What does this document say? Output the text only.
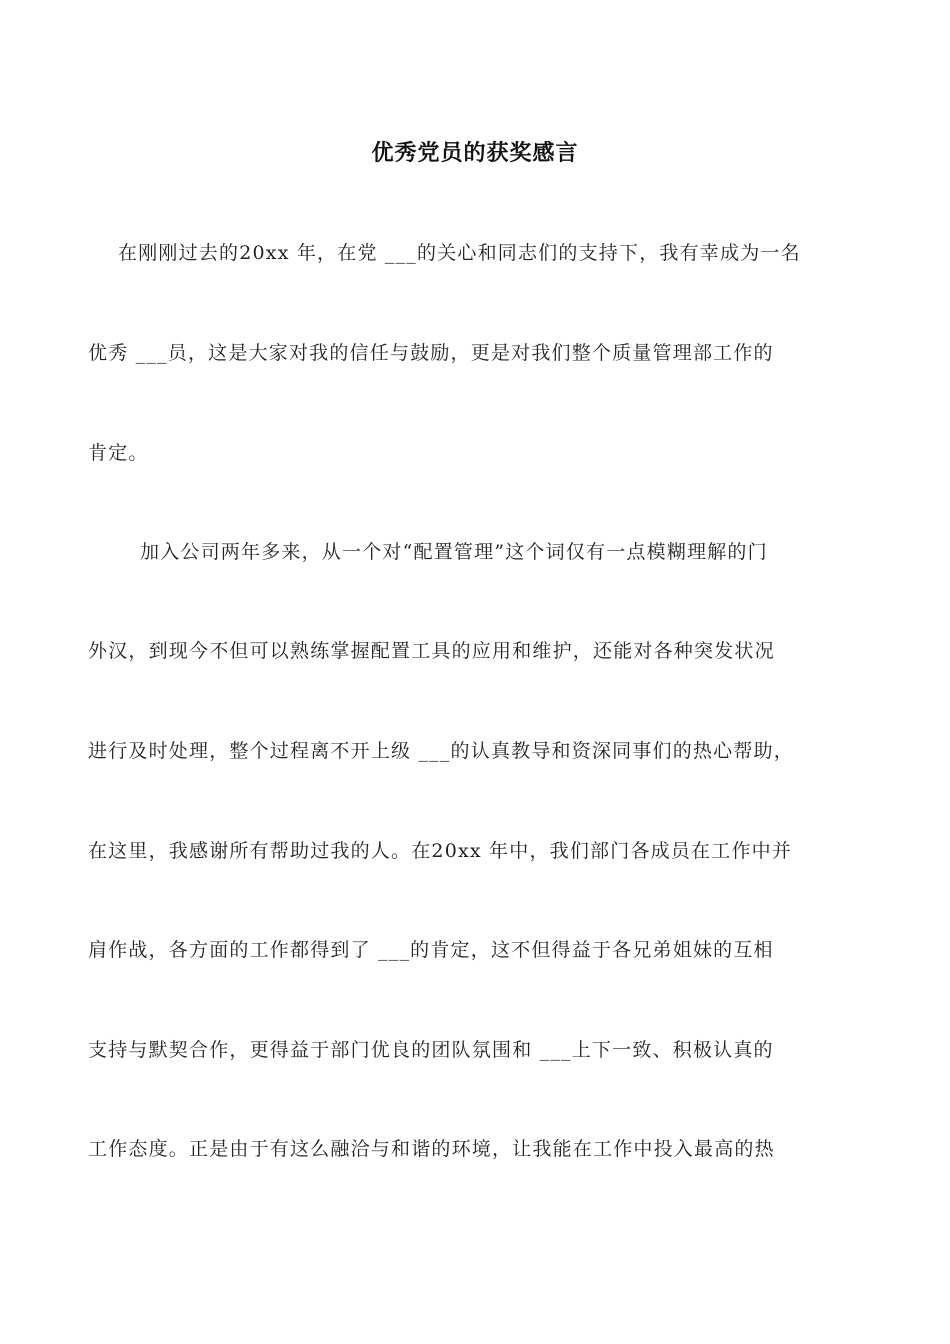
优秀党员的获奖感言

在刚刚过去的20xx 年，在党 ___的关心和同志们的支持下，我有幸成为一名

优秀 ___员，这是大家对我的信任与鼓励，更是对我们整个质量管理部工作的

肯定。

加入公司两年多来，从一个对“配置管理”这个词仅有一点模糊理解的门

外汉，到现今不但可以熟练掌握配置工具的应用和维护，还能对各种突发状况

进行及时处理，整个过程离不开上级 ___的认真教导和资深同事们的热心帮助，

在这里，我感谢所有帮助过我的人。在20xx 年中，我们部门各成员在工作中并

肩作战，各方面的工作都得到了 ___的肯定，这不但得益于各兄弟姐妹的互相

支持与默契合作，更得益于部门优良的团队氛围和 ___上下一致、积极认真的

工作态度。正是由于有这么融洽与和谐的环境，让我能在工作中投入最高的热
